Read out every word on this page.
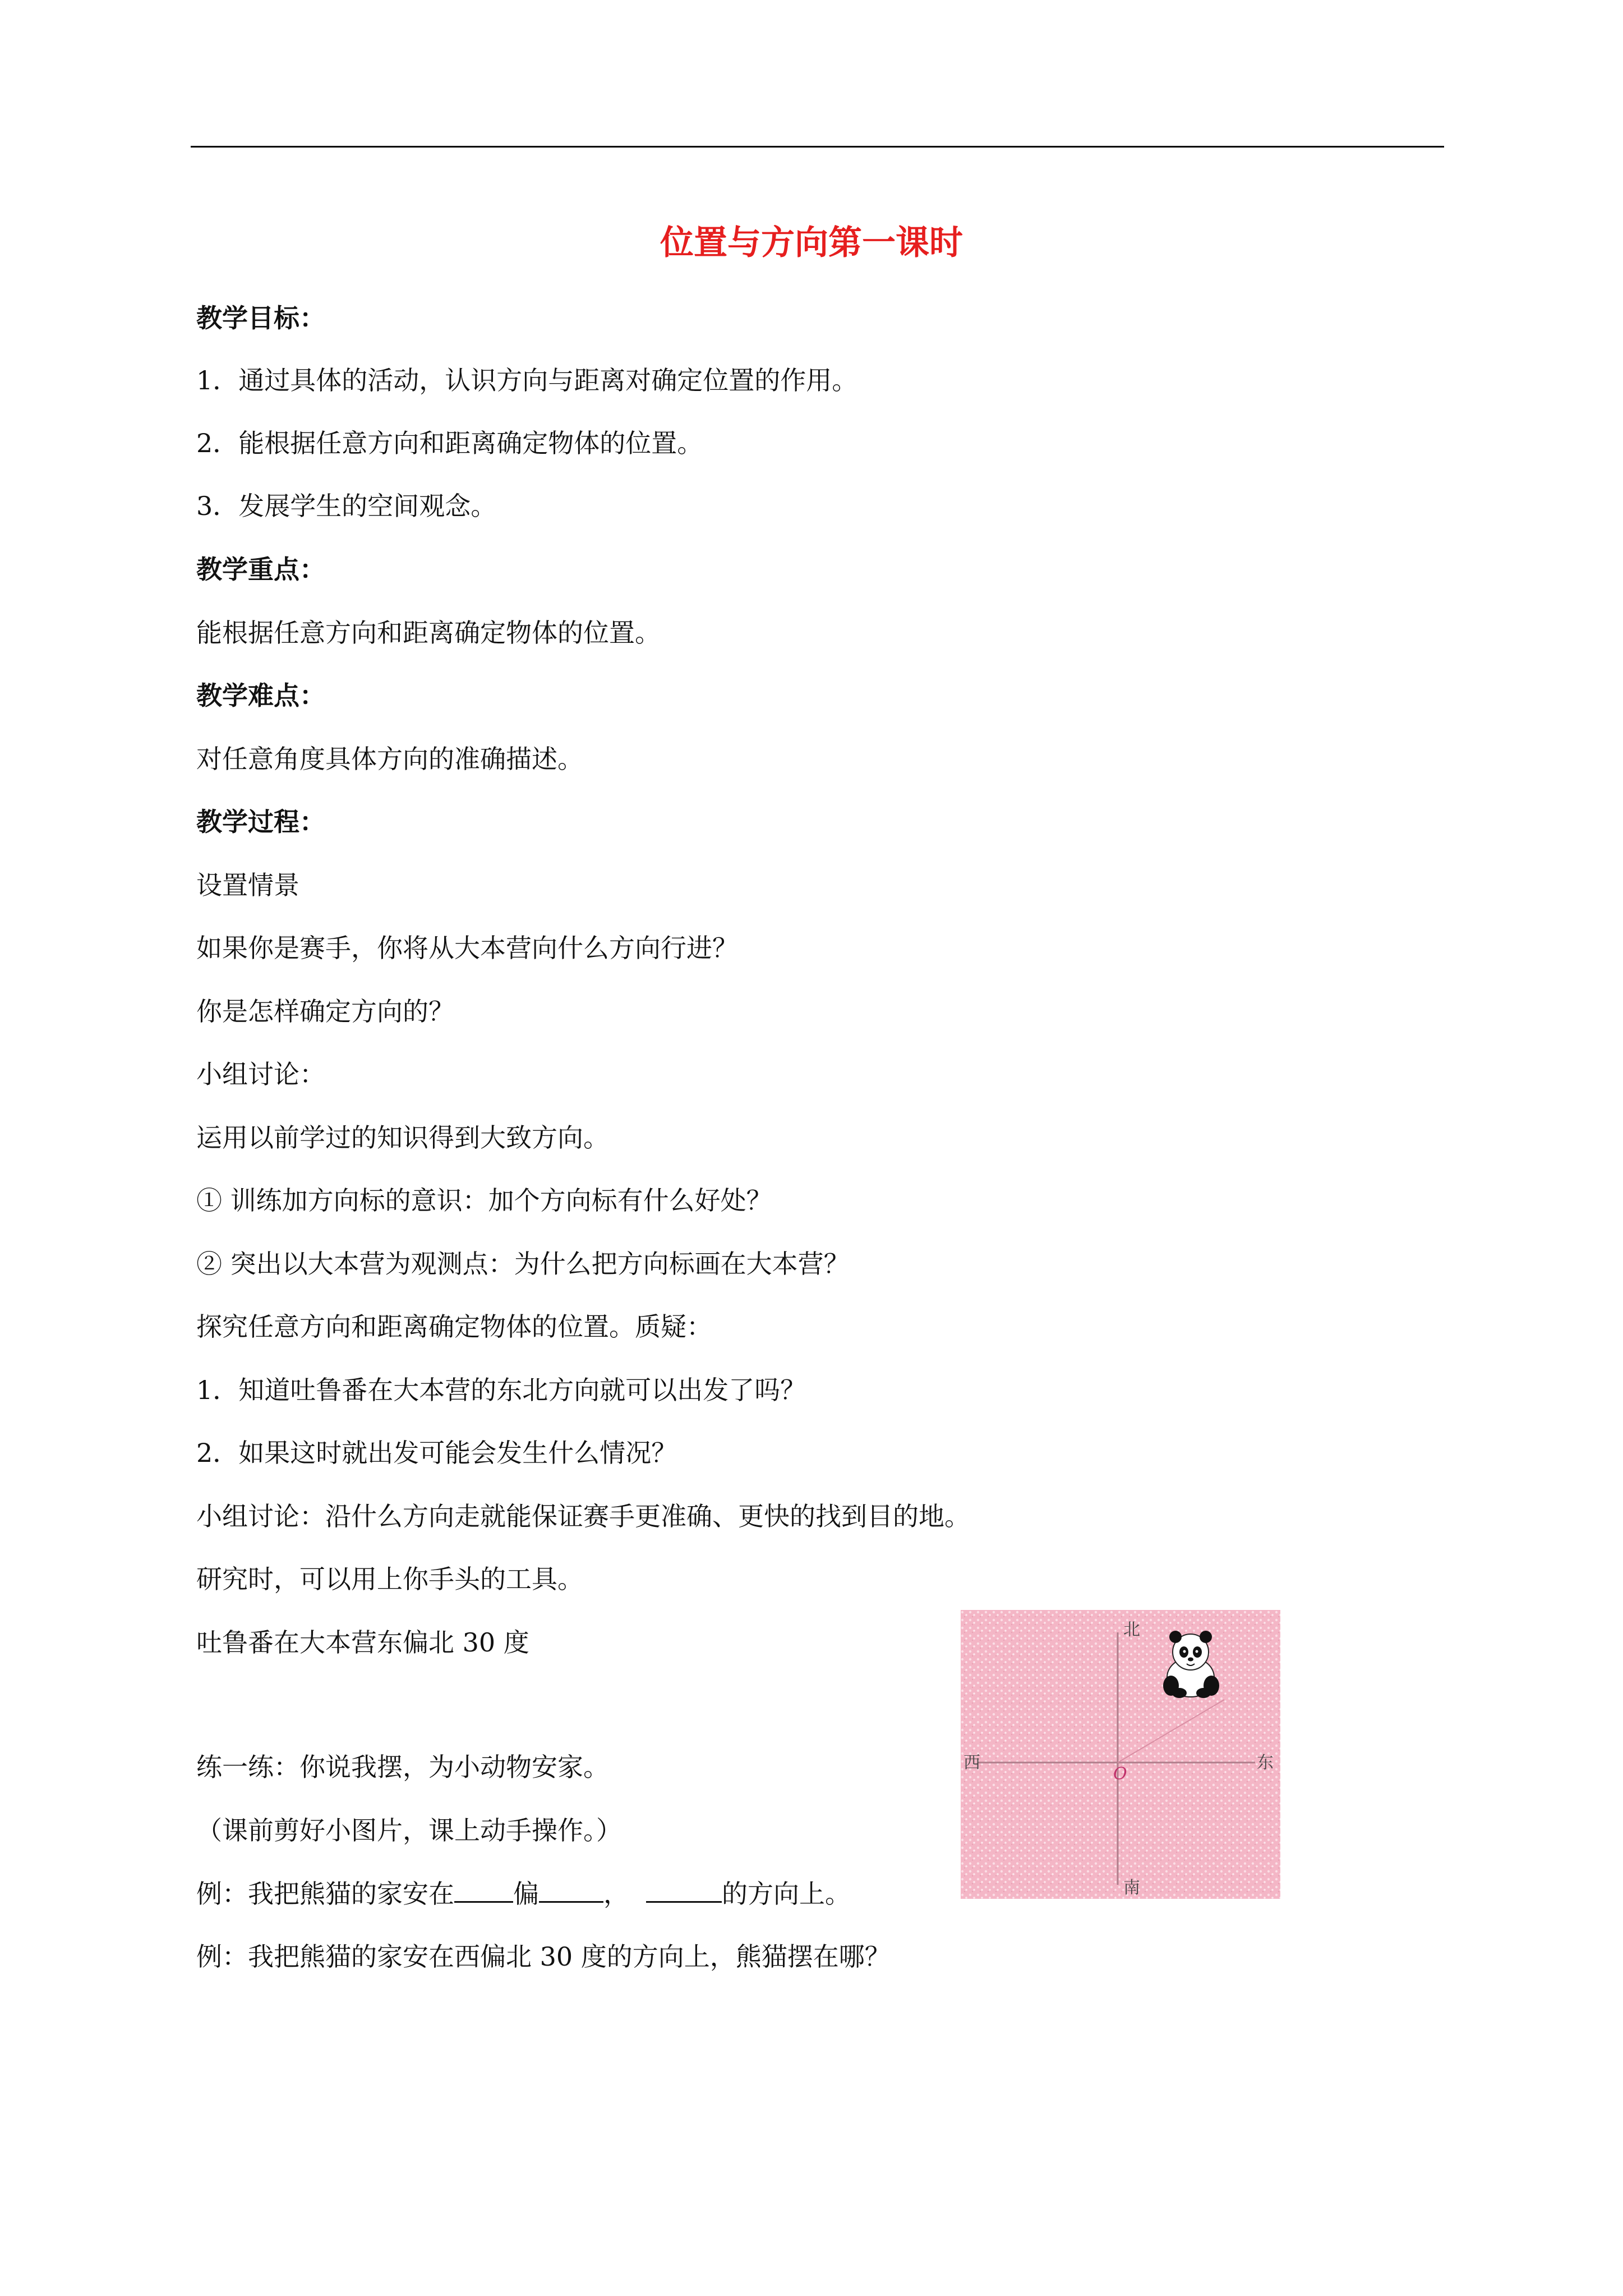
位置与方向第一课时
教学目标：
1．通过具体的活动，认识方向与距离对确定位置的作用。
2．能根据任意方向和距离确定物体的位置。
3．发展学生的空间观念。
教学重点：
能根据任意方向和距离确定物体的位置。
教学难点：
对任意角度具体方向的准确描述。
教学过程：
设置情景
如果你是赛手，你将从大本营向什么方向行进？
你是怎样确定方向的？
小组讨论：
运用以前学过的知识得到大致方向。
① 训练加方向标的意识：加个方向标有什么好处？
② 突出以大本营为观测点：为什么把方向标画在大本营？
探究任意方向和距离确定物体的位置。质疑：
1．知道吐鲁番在大本营的东北方向就可以出发了吗？
2．如果这时就出发可能会发生什么情况？
小组讨论：沿什么方向走就能保证赛手更准确、更快的找到目的地。
研究时，可以用上你手头的工具。
吐鲁番在大本营东偏北 30 度
练一练：你说我摆，为小动物安家。
（课前剪好小图片，课上动手操作。）
例：我把熊猫的家安在 偏	，	的方向上。
例：我把熊猫的家安在西偏北 30 度的方向上，熊猫摆在哪？
北
南
西	东
O
